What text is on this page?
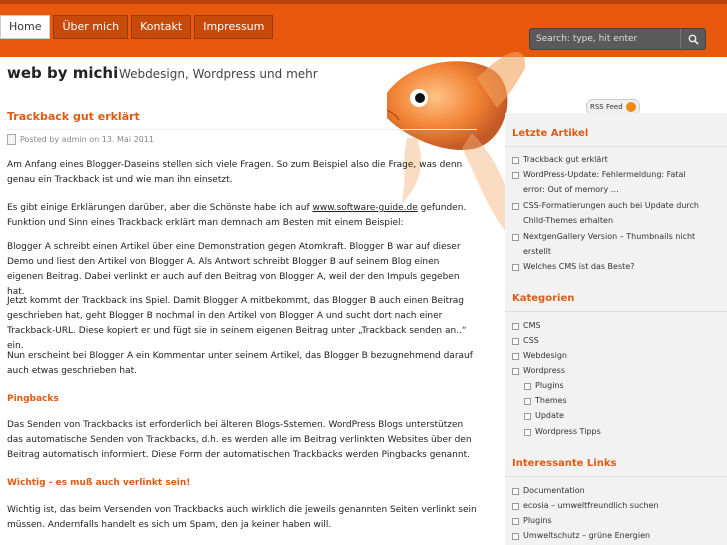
Home	Über mich	Kontakt	Impressum
Search: type, hit enter
web by michi Webdesign, Wordpress und mehr
RSS Feed
Trackback gut erklärt
Posted by admin on 13. Mai 2011

Am Anfang eines Blogger-Daseins stellen sich viele Fragen. So zum Beispiel also die Frage, was denn genau ein Trackback ist und wie man ihn einsetzt.

Es gibt einige Erklärungen darüber, aber die Schönste habe ich auf www.software-guide.de gefunden. Funktion und Sinn eines Trackback erklärt man demnach am Besten mit einem Beispiel:

Blogger A schreibt einen Artikel über eine Demonstration gegen Atomkraft. Blogger B war auf dieser Demo und liest den Artikel von Blogger A. Als Antwort schreibt Blogger B auf seinem Blog einen eigenen Beitrag. Dabei verlinkt er auch auf den Beitrag von Blogger A, weil der den Impuls gegeben hat.

Jetzt kommt der Trackback ins Spiel. Damit Blogger A mitbekommt, das Blogger B auch einen Beitrag geschrieben hat, geht Blogger B nochmal in den Artikel von Blogger A und sucht dort nach einer Trackback-URL. Diese kopiert er und fügt sie in seinem eigenen Beitrag unter „Trackback senden an..“ ein.

Nun erscheint bei Blogger A ein Kommentar unter seinem Artikel, das Blogger B bezugnehmend darauf auch etwas geschrieben hat.

Pingbacks

Das Senden von Trackbacks ist erforderlich bei älteren Blogs-Sstemen. WordPress Blogs unterstützen das automatische Senden von Trackbacks, d.h. es werden alle im Beitrag verlinkten Websites über den Beitrag automatisch informiert. Diese Form der automatischen Trackbacks werden Pingbacks genannt.

Wichtig - es muß auch verlinkt sein!

Wichtig ist, das beim Versenden von Trackbacks auch wirklich die jeweils genannten Seiten verlinkt sein müssen. Andernfalls handelt es sich um Spam, den ja keiner haben will.

Letzte Artikel
Trackback gut erklärt
WordPress-Update: Fehlermeldung: Fatal
error: Out of memory …
CSS-Formatierungen auch bei Update durch
Child-Themes erhalten
NextgenGallery Version – Thumbnails nicht
erstellt
Welches CMS ist das Beste?
Kategorien
CMS
CSS
Webdesign
Wordpress
Plugins
Themes
Update
Wordpress Tipps
Interessante Links
Documentation
ecosia – umweltfreundlich suchen
Plugins
Umweltschutz – grüne Energien
